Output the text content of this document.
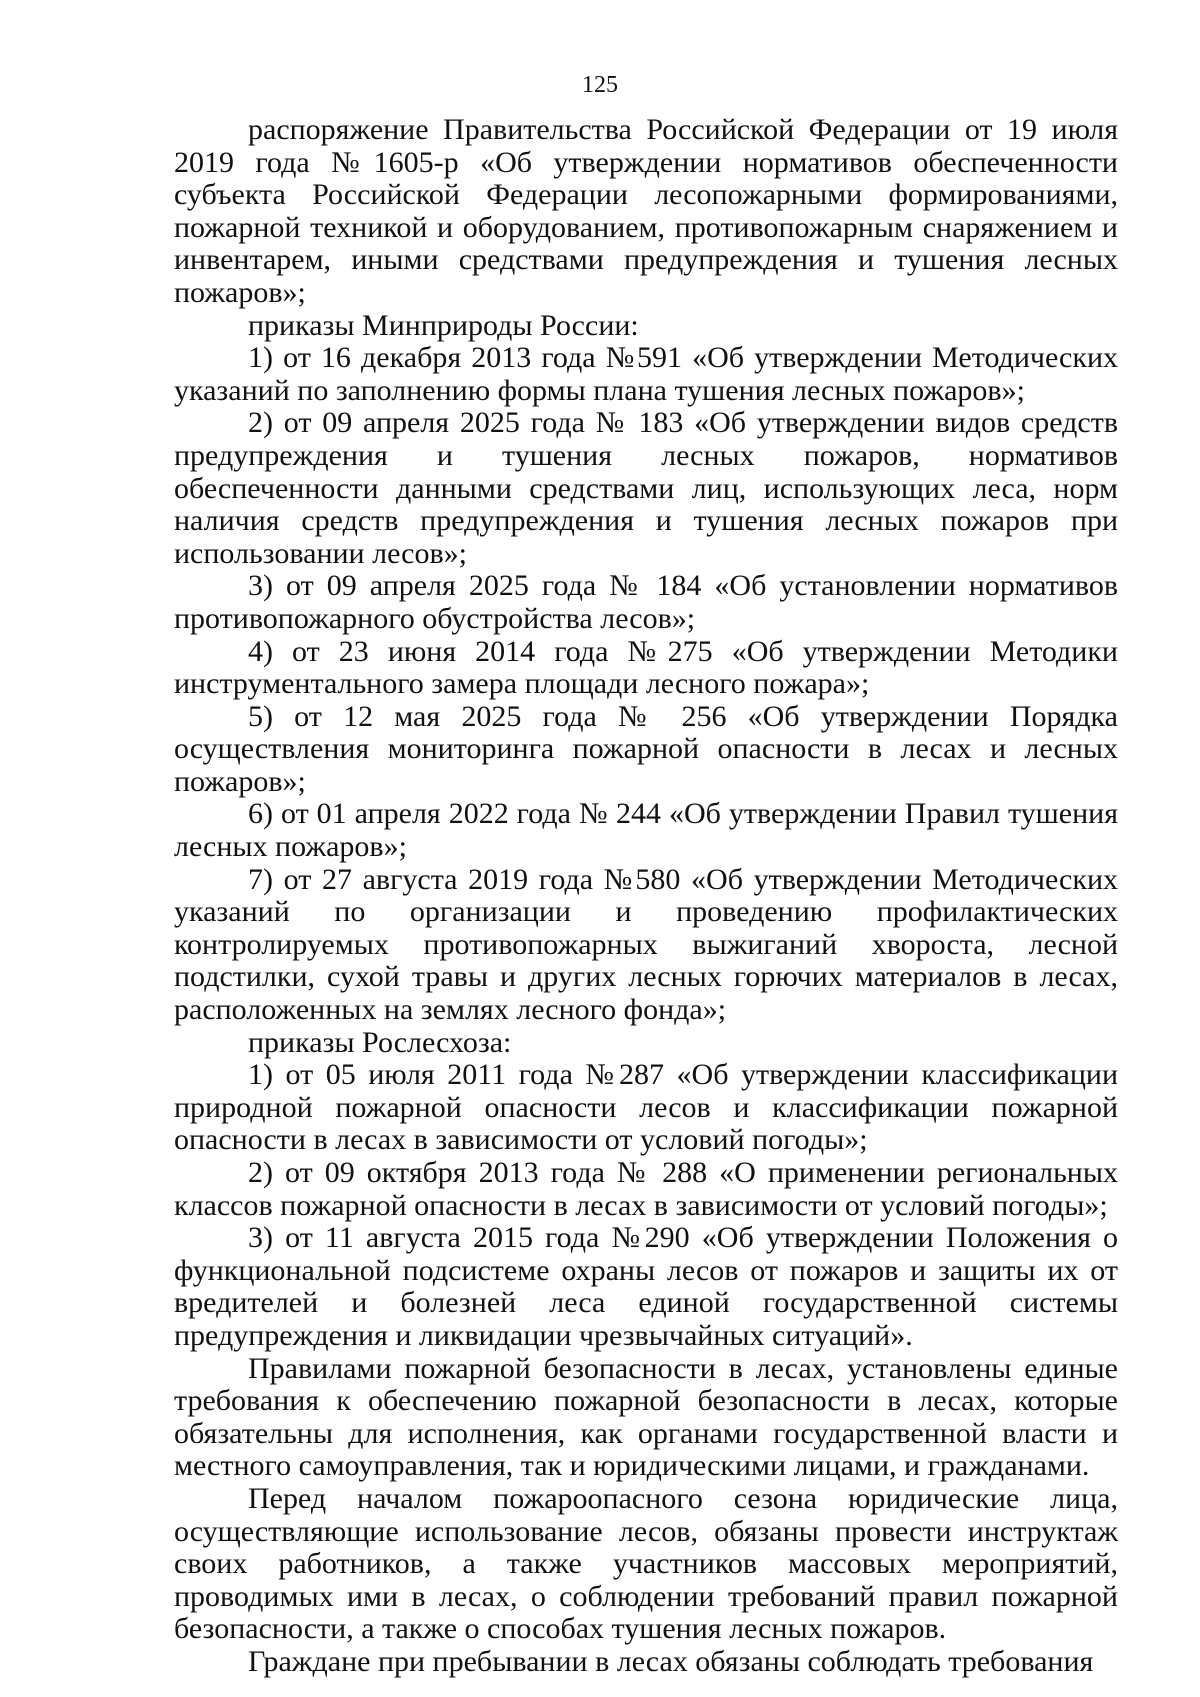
125

распоряжение Правительства Российской Федерации от 19 июля 2019 года №1605-р «Об утверждении нормативов обеспеченности субъекта Российской Федерации лесопожарными формированиями, пожарной техникой и оборудованием, противопожарным снаряжением и инвентарем, иными средствами предупреждения и тушения лесных пожаров»;

приказы Минприроды России:

1) от 16 декабря 2013 года №591 «Об утверждении Методических указаний по заполнению формы плана тушения лесных пожаров»;

2) от 09 апреля 2025 года № 183 «Об утверждении видов средств предупреждения и тушения лесных пожаров, нормативов обеспеченности данными средствами лиц, использующих леса, норм наличия средств предупреждения и тушения лесных пожаров при использовании лесов»;

3) от 09 апреля 2025 года № 184 «Об установлении нормативов противопожарного обустройства лесов»;

4) от 23 июня 2014 года №275 «Об утверждении Методики инструментального замера площади лесного пожара»;

5) от 12 мая 2025 года № 256 «Об утверждении Порядка осуществления мониторинга пожарной опасности в лесах и лесных пожаров»;

6) от 01 апреля 2022 года № 244 «Об утверждении Правил тушения лесных пожаров»;

7) от 27 августа 2019 года №580 «Об утверждении Методических указаний по организации и проведению профилактических контролируемых противопожарных выжиганий хвороста, лесной подстилки, сухой травы и других лесных горючих материалов в лесах, расположенных на землях лесного фонда»;

приказы Рослесхоза:

1) от 05 июля 2011 года №287 «Об утверждении классификации природной пожарной опасности лесов и классификации пожарной опасности в лесах в зависимости от условий погоды»;

2) от 09 октября 2013 года № 288 «О применении региональных классов пожарной опасности в лесах в зависимости от условий погоды»;

3) от 11 августа 2015 года №290 «Об утверждении Положения о функциональной подсистеме охраны лесов от пожаров и защиты их от вредителей и болезней леса единой государственной системы предупреждения и ликвидации чрезвычайных ситуаций».

Правилами пожарной безопасности в лесах, установлены единые требования к обеспечению пожарной безопасности в лесах, которые обязательны для исполнения, как органами государственной власти и местного самоуправления, так и юридическими лицами, и гражданами.

Перед началом пожароопасного сезона юридические лица, осуществляющие использование лесов, обязаны провести инструктаж своих работников, а также участников массовых мероприятий, проводимых ими в лесах, о соблюдении требований правил пожарной безопасности, а также о способах тушения лесных пожаров.

Граждане при пребывании в лесах обязаны соблюдать требования
